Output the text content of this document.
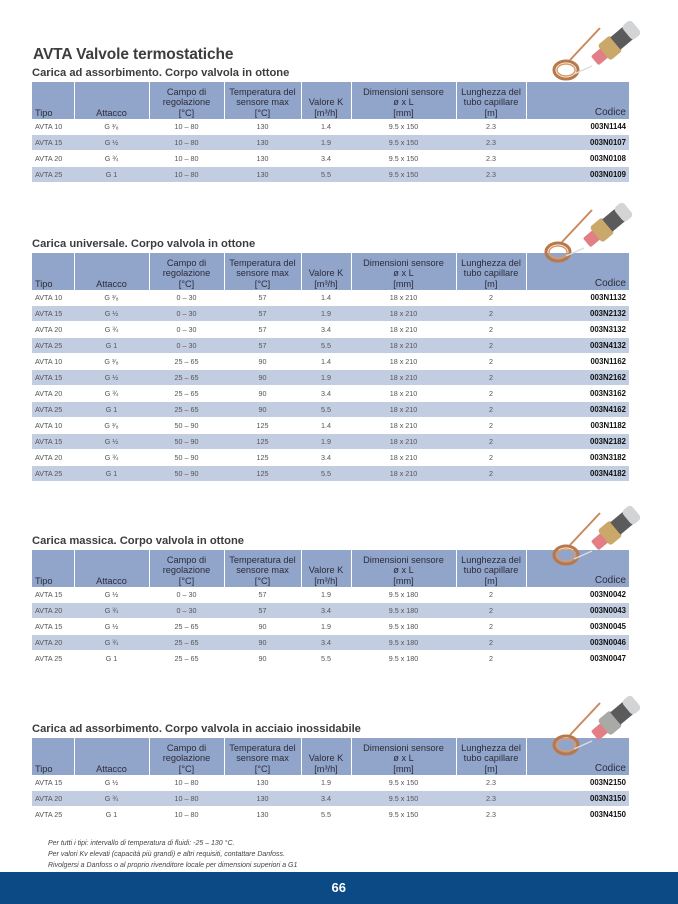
AVTA Valvole termostatiche
Carica ad assorbimento. Corpo valvola in ottone
Tipo	Attacco	
Campo di
regolazione
[°C]

Temperatura del
sensore max
[°C]

Valore K
[m³/h]

Dimensioni sensore
ø x L
[mm]

Lunghezza del
tubo capillare
[m]	Codice
AVTA 10	G ³⁄₈	10 – 80	130	1.4	9.5 x 150	2.3	003N1144
AVTA 15	G ½	10 – 80	130	1.9	9.5 x 150	2.3	003N0107
AVTA 20	G ¾	10 – 80	130	3.4	9.5 x 150	2.3	003N0108
AVTA 25	G 1	10 – 80	130	5.5	9.5 x 150	2.3	003N0109
Carica universale. Corpo valvola in ottone
Tipo	Attacco	
Campo di
regolazione
[°C]

Temperatura del
sensore max
[°C]

Valore K
[m³/h]

Dimensioni sensore
ø x L
[mm]

Lunghezza del
tubo capillare
[m]	Codice
AVTA 10	G ³⁄₈	0 – 30	57	1.4	18 x 210	2	003N1132
AVTA 15	G ½	0 – 30	57	1.9	18 x 210	2	003N2132
AVTA 20	G ¾	0 – 30	57	3.4	18 x 210	2	003N3132
AVTA 25	G 1	0 – 30	57	5.5	18 x 210	2	003N4132
AVTA 10	G ³⁄₈	25 – 65	90	1.4	18 x 210	2	003N1162
AVTA 15	G ½	25 – 65	90	1.9	18 x 210	2	003N2162
AVTA 20	G ¾	25 – 65	90	3.4	18 x 210	2	003N3162
AVTA 25	G 1	25 – 65	90	5.5	18 x 210	2	003N4162
AVTA 10	G ³⁄₈	50 – 90	125	1.4	18 x 210	2	003N1182
AVTA 15	G ½	50 – 90	125	1.9	18 x 210	2	003N2182
AVTA 20	G ¾	50 – 90	125	3.4	18 x 210	2	003N3182
AVTA 25	G 1	50 – 90	125	5.5	18 x 210	2	003N4182
Carica massica. Corpo valvola in ottone
Tipo	Attacco	
Campo di
regolazione
[°C]

Temperatura del
sensore max
[°C]

Valore K
[m³/h]

Dimensioni sensore
ø x L
[mm]

Lunghezza del
tubo capillare
[m]	Codice
AVTA 15	G ½	0 – 30	57	1.9	9.5 x 180	2	003N0042
AVTA 20	G ¾	0 – 30	57	3.4	9.5 x 180	2	003N0043
AVTA 15	G ½	25 – 65	90	1.9	9.5 x 180	2	003N0045
AVTA 20	G ¾	25 – 65	90	3.4	9.5 x 180	2	003N0046
AVTA 25	G 1	25 – 65	90	5.5	9.5 x 180	2	003N0047
Carica ad assorbimento. Corpo valvola in acciaio inossidabile
Tipo	Attacco	
Campo di
regolazione
[°C]

Temperatura del
sensore max
[°C]

Valore K
[m³/h]

Dimensioni sensore
ø x L
[mm]

Lunghezza del
tubo capillare
[m]	Codice
AVTA 15	G ½	10 – 80	130	1.9	9.5 x 150	2.3	003N2150
AVTA 20	G ¾	10 – 80	130	3.4	9.5 x 150	2.3	003N3150
AVTA 25	G 1	10 – 80	130	5.5	9.5 x 150	2.3	003N4150
Per tutti i tipi: intervallo di temperatura di fluidi: -25 – 130 °C.
Per valori Kv elevati (capacità più grandi) e altri requisiti, contattare Danfoss.
Rivolgersi a Danfoss o al proprio rivenditore locale per dimensioni superiori a G1
66
